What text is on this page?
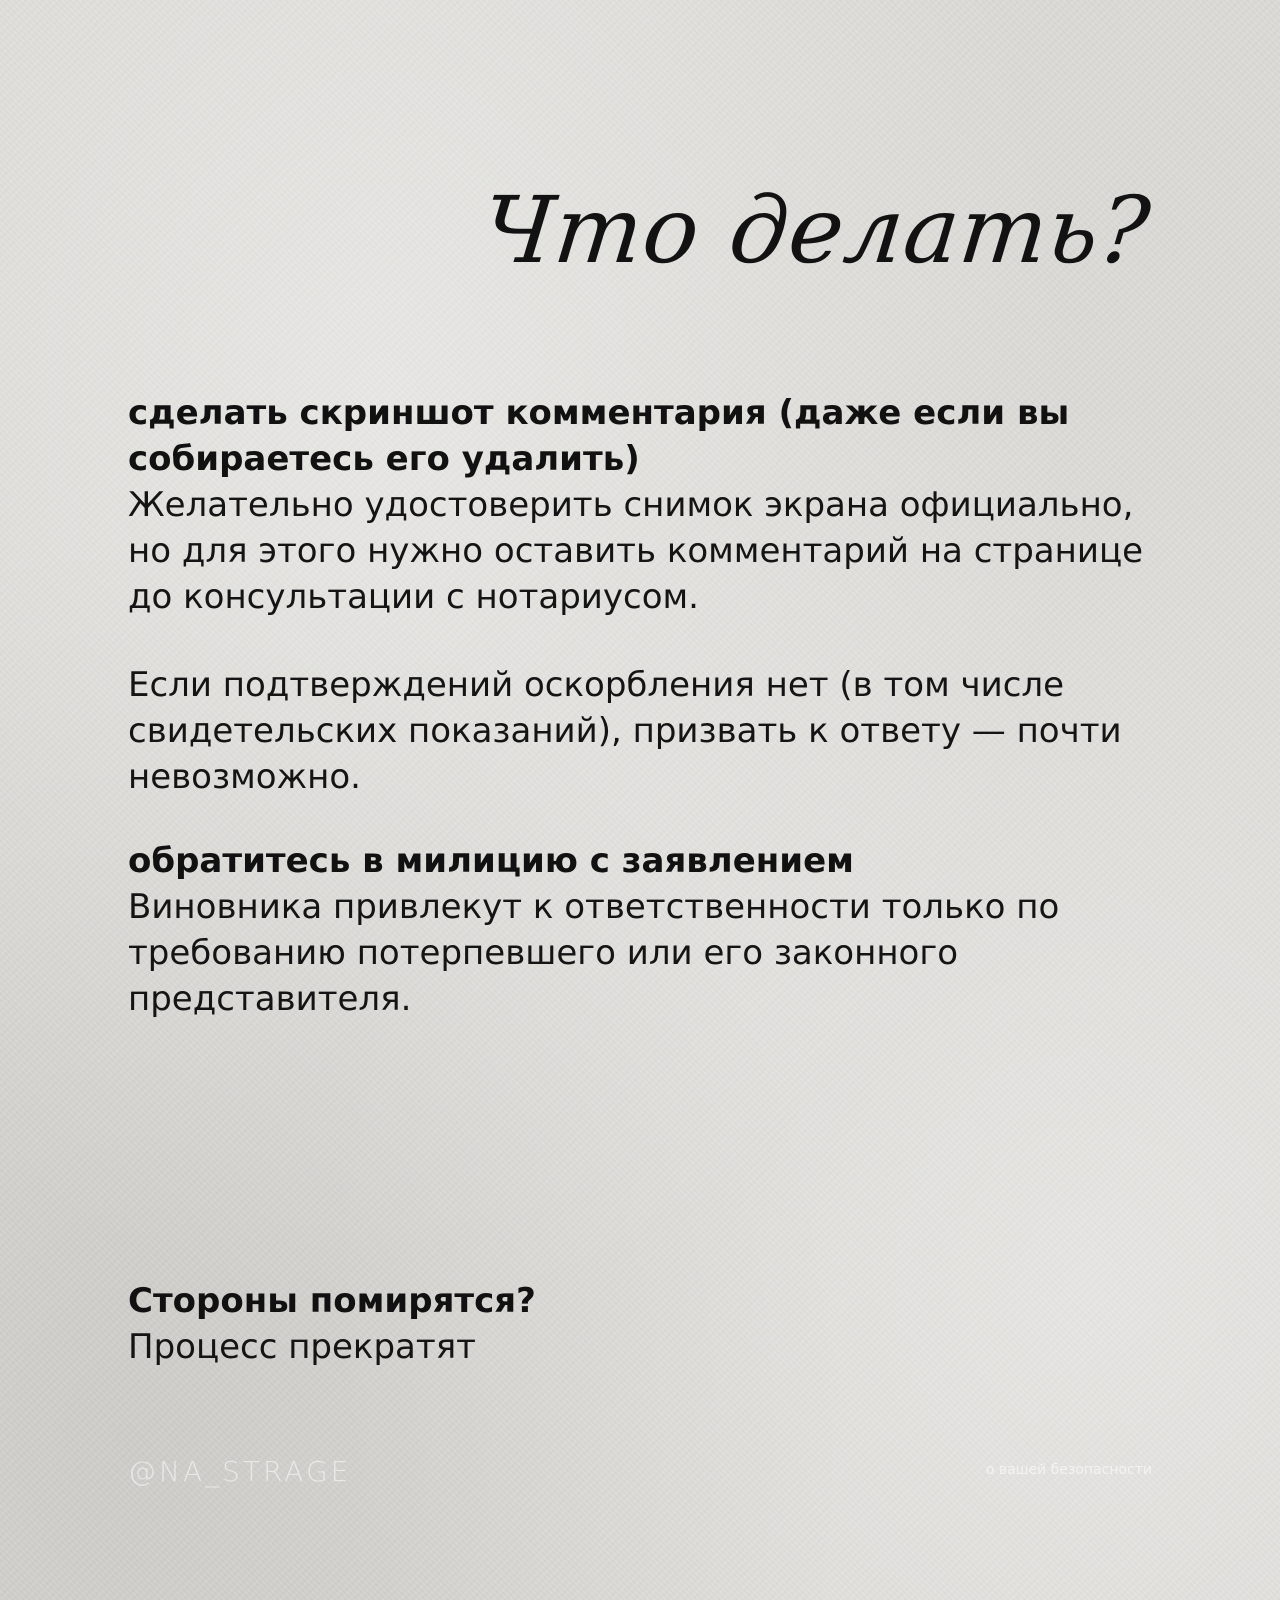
Что делать?
сделать скриншот комментария (даже если вы собираетесь его удалить)
Желательно удостоверить снимок экрана официально, но для этого нужно оставить комментарий на странице до консультации с нотариусом.
Если подтверждений оскорбления нет (в том числе свидетельских показаний), призвать к ответу — почти невозможно.
обратитесь в милицию с заявлением
Виновника привлекут к ответственности только по требованию потерпевшего или его законного представителя.
Стороны помирятся?
Процесс прекратят
@NA_STRAGE	о вашей безопасности
